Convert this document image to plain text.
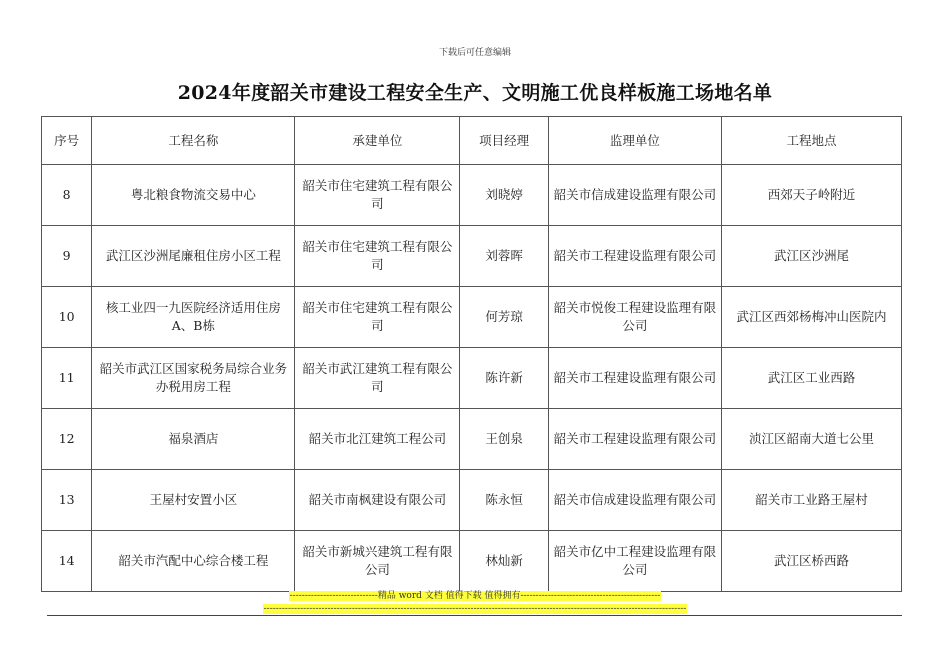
下载后可任意编辑
2024年度韶关市建设工程安全生产、文明施工优良样板施工场地名单
序号	工程名称	承建单位	项目经理	监理单位	工程地点
8	粤北粮食物流交易中心	韶关市住宅建筑工程有限公司	刘晓婷	韶关市信成建设监理有限公司	西郊天子岭附近
9	武江区沙洲尾廉租住房小区工程	韶关市住宅建筑工程有限公司	刘蓉晖	韶关市工程建设监理有限公司	武江区沙洲尾
10	核工业四一九医院经济适用住房A、B栋	韶关市住宅建筑工程有限公司	何芳琼	韶关市悦俊工程建设监理有限公司	武江区西郊杨梅冲山医院内
11	韶关市武江区国家税务局综合业务办税用房工程	韶关市武江建筑工程有限公司	陈许新	韶关市工程建设监理有限公司	武江区工业西路
12	福泉酒店	韶关市北江建筑工程公司	王创泉	韶关市工程建设监理有限公司	浈江区韶南大道七公里
13	王屋村安置小区	韶关市南枫建设有限公司	陈永恒	韶关市信成建设监理有限公司	韶关市工业路王屋村
14	韶关市汽配中心综合楼工程	韶关市新城兴建筑工程有限公司	林灿新	韶关市亿中工程建设监理有限公司	武江区桥西路
-----------------------------精品 word 文档 值得下载 值得拥有----------------------------------------------
-------------------------------------------------------------------------------------------------------------------------------------------
